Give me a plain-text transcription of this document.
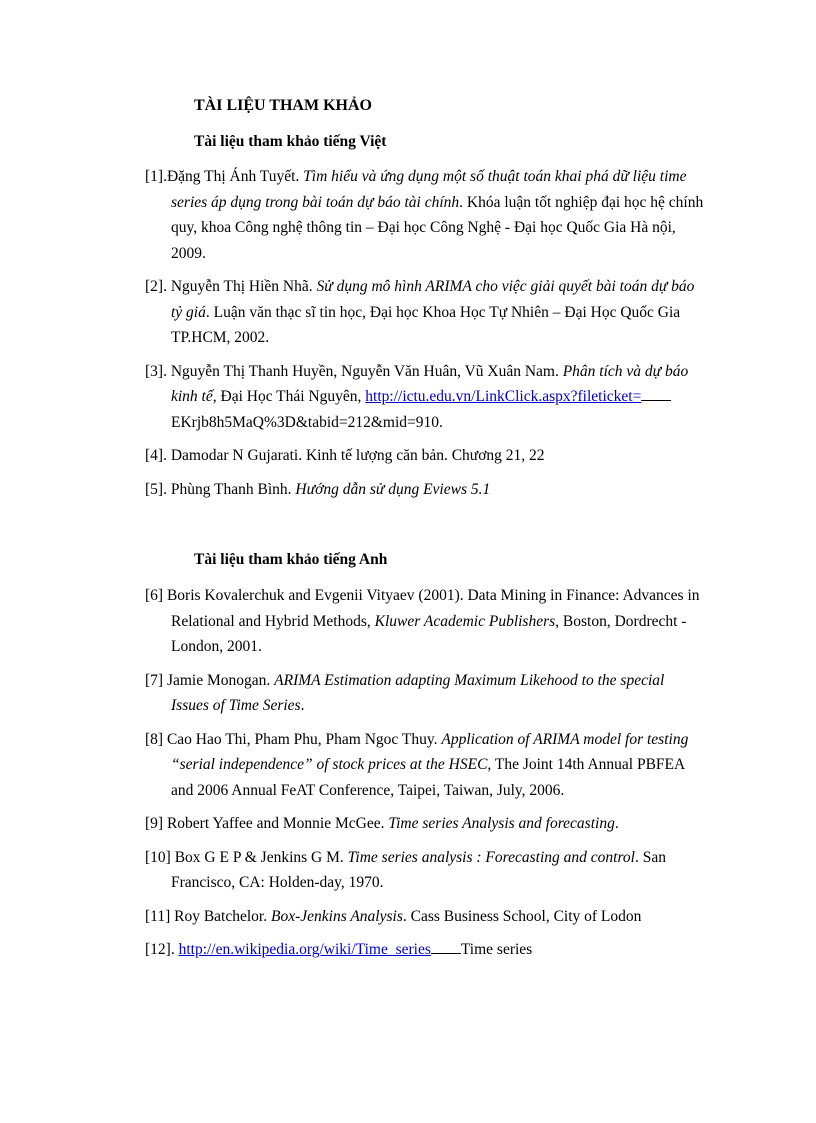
TÀI LIỆU THAM KHẢO
Tài liệu tham khảo tiếng Việt
[1].Đặng Thị Ánh Tuyết. Tìm hiểu và ứng dụng một số thuật toán khai phá dữ liệu time series áp dụng trong bài toán dự báo tài chính. Khóa luận tốt nghiệp đại học hệ chính quy, khoa Công nghệ thông tin – Đại học Công Nghệ - Đại học Quốc Gia Hà nội, 2009.
[2]. Nguyễn Thị Hiền Nhã. Sử dụng mô hình ARIMA cho việc giải quyết bài toán dự báo tỷ giá. Luận văn thạc sĩ tin học, Đại học Khoa Học Tự Nhiên – Đại Học Quốc Gia TP.HCM, 2002.
[3]. Nguyễn Thị Thanh Huyền, Nguyễn Văn Huân, Vũ Xuân Nam. Phân tích và dự báo kinh tế, Đại Học Thái Nguyên, http://ictu.edu.vn/LinkClick.aspx?fileticket= EKrjb8h5MaQ%3D&tabid=212&mid=910.
[4]. Damodar N Gujarati. Kinh tế lượng căn bản. Chương 21, 22
[5]. Phùng Thanh Bình. Hướng dẫn sử dụng Eviews 5.1
Tài liệu tham khảo tiếng Anh
[6] Boris Kovalerchuk and Evgenii Vityaev (2001). Data Mining in Finance: Advances in Relational and Hybrid Methods, Kluwer Academic Publishers, Boston, Dordrecht - London, 2001.
[7] Jamie Monogan. ARIMA Estimation adapting Maximum Likehood to the special Issues of Time Series.
[8] Cao Hao Thi, Pham Phu, Pham Ngoc Thuy. Application of ARIMA model for testing “serial independence” of stock prices at the HSEC, The Joint 14th Annual PBFEA and 2006 Annual FeAT Conference, Taipei, Taiwan, July, 2006.
[9] Robert Yaffee and Monnie McGee. Time series Analysis and forecasting.
[10] Box G E P & Jenkins G M. Time series analysis : Forecasting and control. San Francisco, CA: Holden-day, 1970.
[11] Roy Batchelor. Box-Jenkins Analysis. Cass Business School, City of Lodon
[12]. http://en.wikipedia.org/wiki/Time_series Time series
